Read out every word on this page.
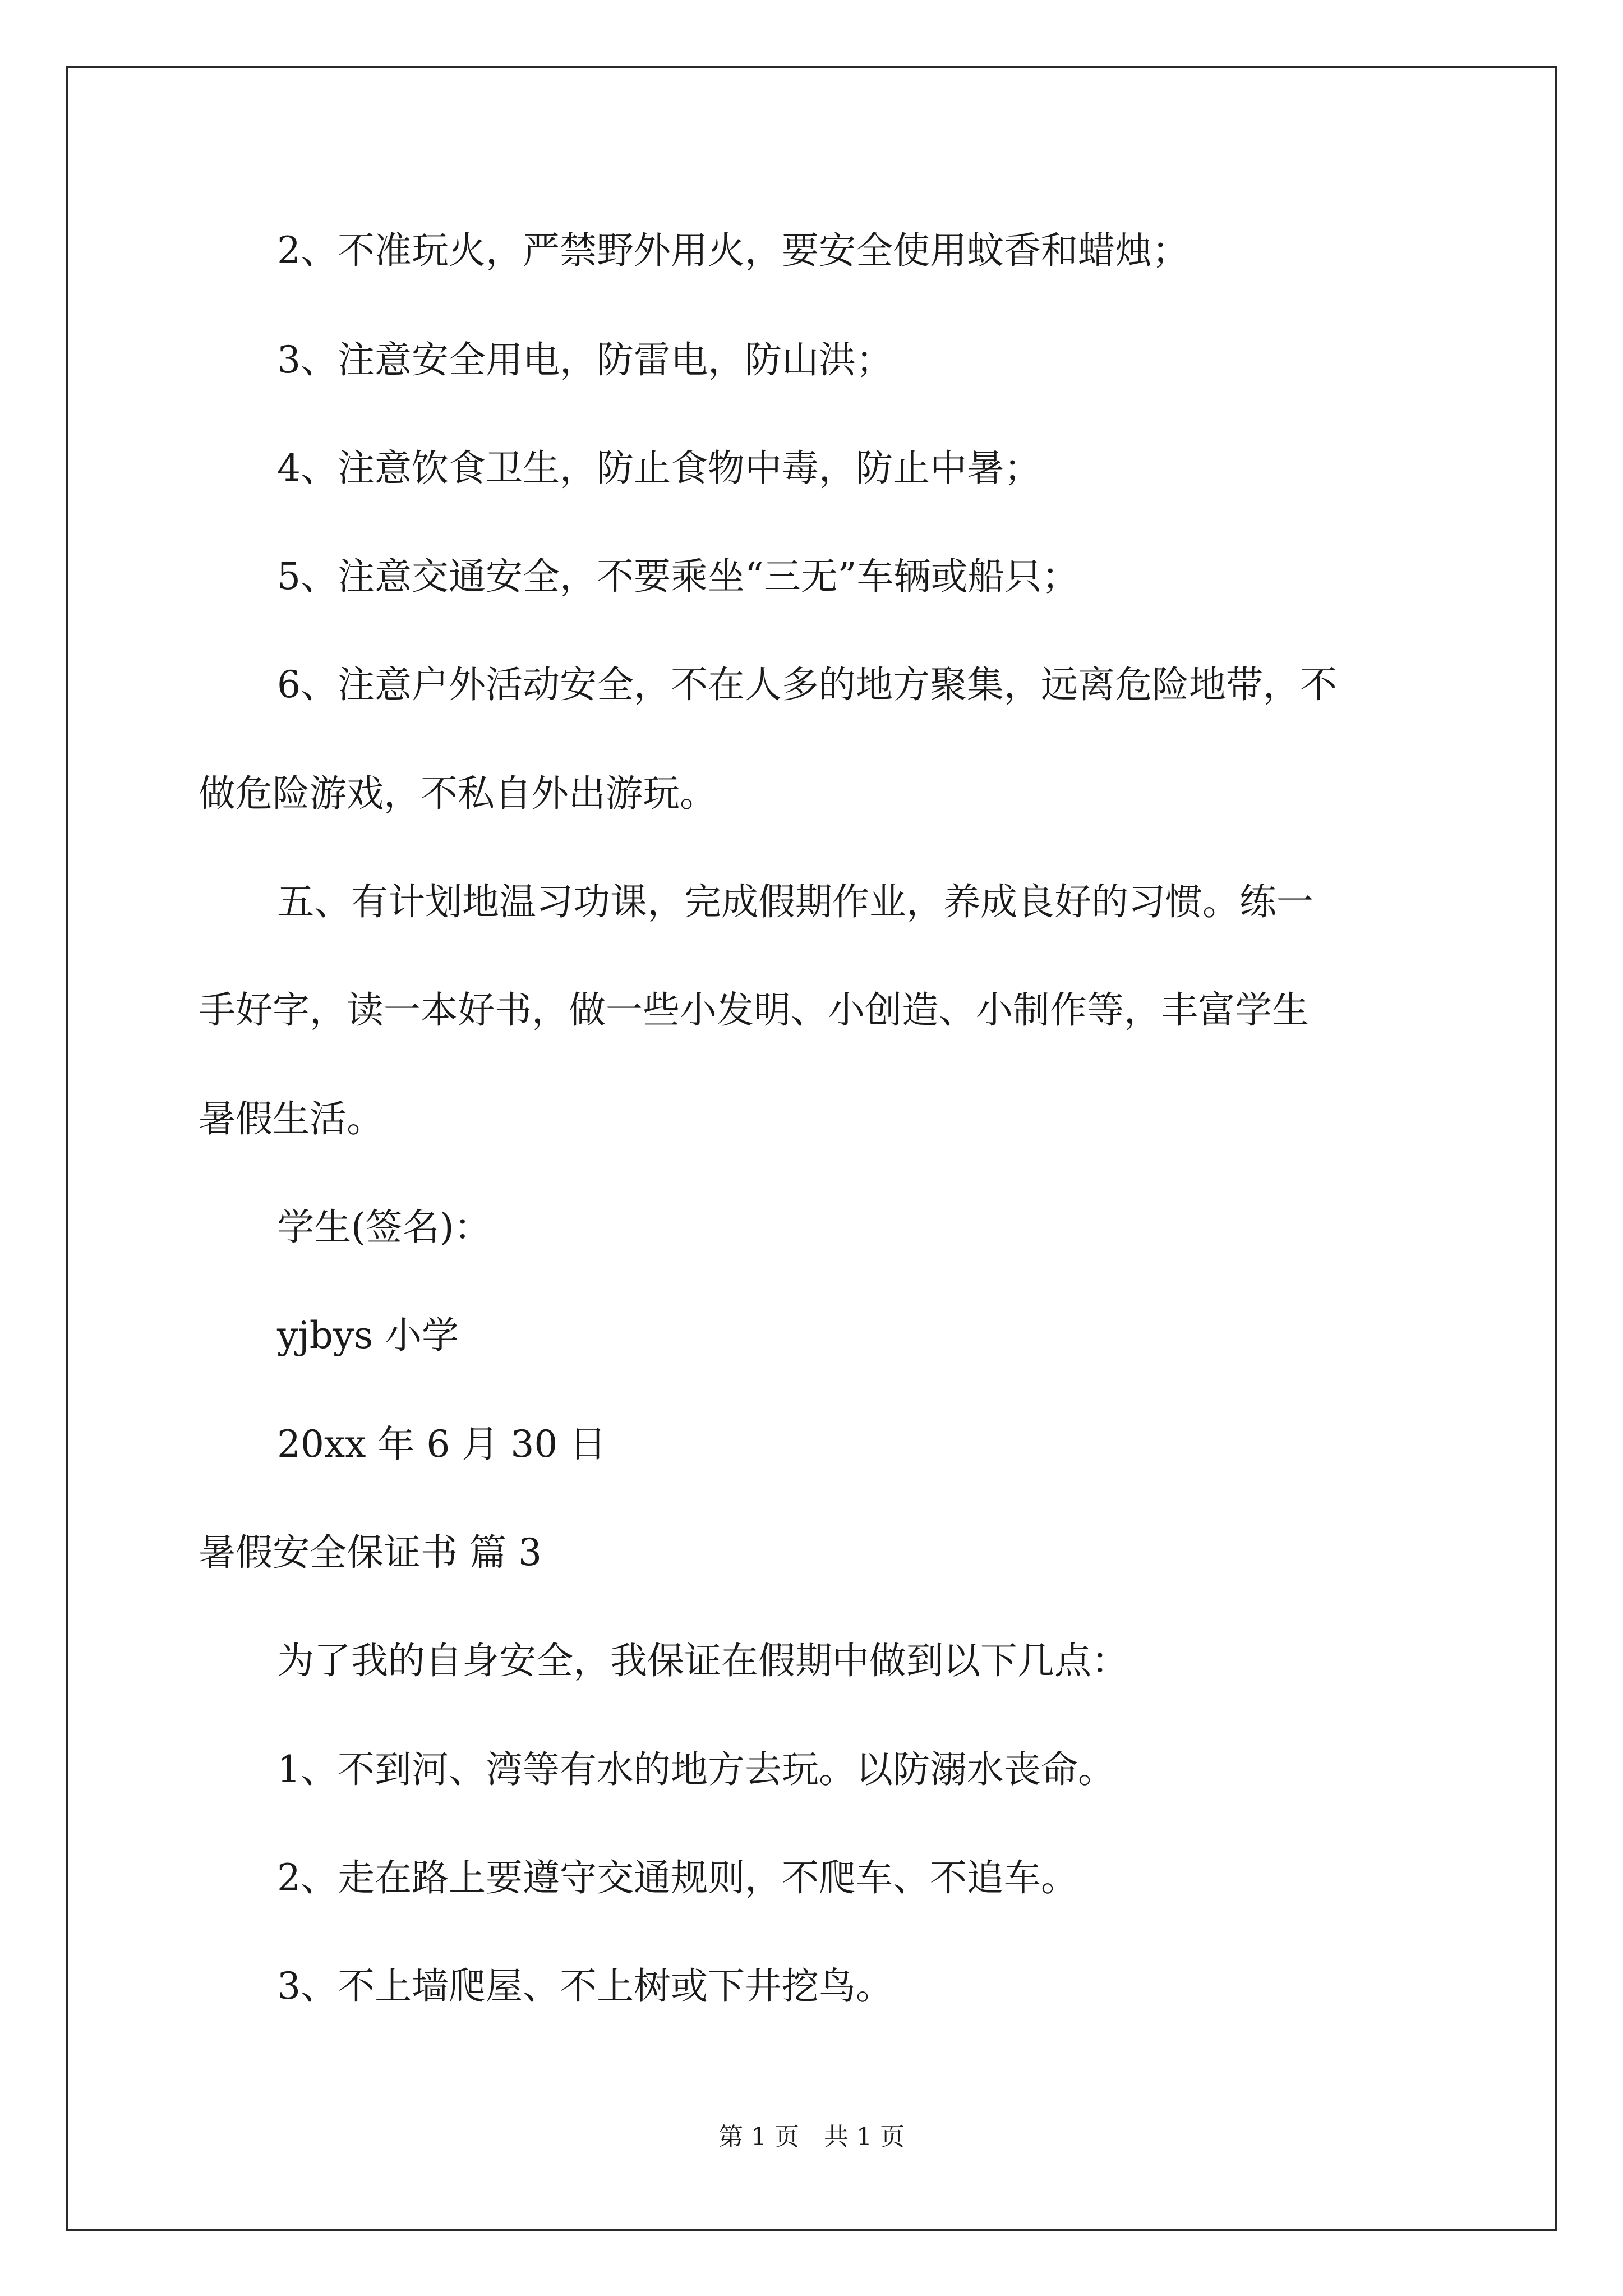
2、不准玩火，严禁野外用火，要安全使用蚊香和蜡烛；
3、注意安全用电，防雷电，防山洪；
4、注意饮食卫生，防止食物中毒，防止中暑；
5、注意交通安全，不要乘坐“三无”车辆或船只；
6、注意户外活动安全，不在人多的地方聚集，远离危险地带，不
做危险游戏，不私自外出游玩。
五、有计划地温习功课，完成假期作业，养成良好的习惯。练一
手好字，读一本好书，做一些小发明、小创造、小制作等，丰富学生
暑假生活。
学生(签名)：
yjbys 小学
20xx 年 6 月 30 日
暑假安全保证书 篇 3
为了我的自身安全，我保证在假期中做到以下几点：
1、不到河、湾等有水的地方去玩。以防溺水丧命。
2、走在路上要遵守交通规则，不爬车、不追车。
3、不上墙爬屋、不上树或下井挖鸟。
第 1 页　共 1 页
